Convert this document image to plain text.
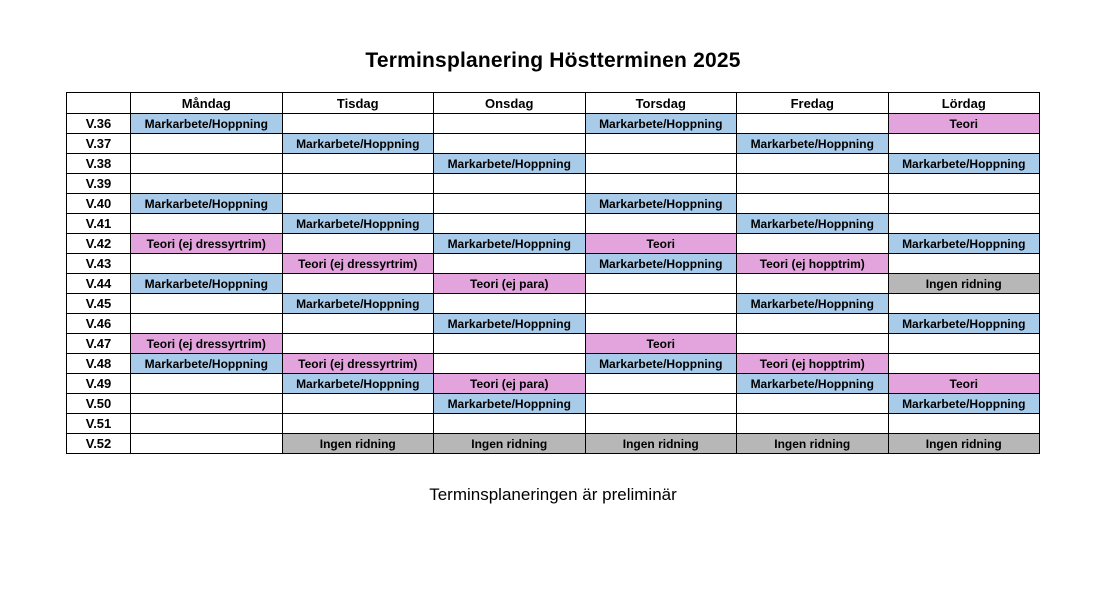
Terminsplanering Höstterminen 2025
	Måndag	Tisdag	Onsdag	Torsdag	Fredag	Lördag
V.36	Markarbete/Hoppning			Markarbete/Hoppning		Teori
V.37		Markarbete/Hoppning			Markarbete/Hoppning	
V.38			Markarbete/Hoppning			Markarbete/Hoppning
V.39						
V.40	Markarbete/Hoppning			Markarbete/Hoppning		
V.41		Markarbete/Hoppning			Markarbete/Hoppning	
V.42	Teori (ej dressyrtrim)		Markarbete/Hoppning	Teori		Markarbete/Hoppning
V.43		Teori (ej dressyrtrim)		Markarbete/Hoppning	Teori (ej hopptrim)	
V.44	Markarbete/Hoppning		Teori (ej para)			Ingen ridning
V.45		Markarbete/Hoppning			Markarbete/Hoppning	
V.46			Markarbete/Hoppning			Markarbete/Hoppning
V.47	Teori (ej dressyrtrim)			Teori		
V.48	Markarbete/Hoppning	Teori (ej dressyrtrim)		Markarbete/Hoppning	Teori (ej hopptrim)	
V.49		Markarbete/Hoppning	Teori (ej para)		Markarbete/Hoppning	Teori
V.50			Markarbete/Hoppning			Markarbete/Hoppning
V.51						
V.52		Ingen ridning	Ingen ridning	Ingen ridning	Ingen ridning	Ingen ridning
Terminsplaneringen är preliminär
